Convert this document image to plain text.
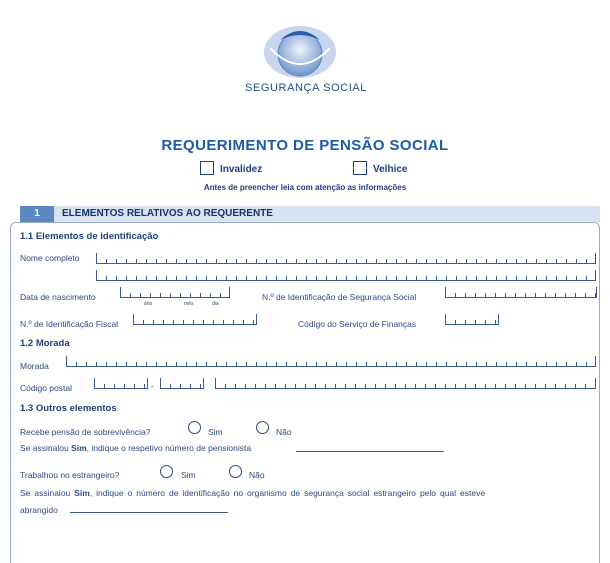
SEGURANÇA SOCIAL
REQUERIMENTO DE PENSÃO SOCIAL
Invalidez	Velhice
Antes de preencher leia com atenção as informações
1	ELEMENTOS RELATIVOS AO REQUERENTE
1.1 Elementos de identificação
Nome completo
Data de nascimento
ano	mês	dia
N.º de Identificação de Segurança Social
N.º de Identificação Fiscal	Código do Serviço de Finanças
1.2 Morada
Morada
Código postal	-
1.3 Outros elementos
Recebe pensão de sobrevivência?	Sim	Não
Se assinalou Sim, indique o respetivo número de pensionista
Trabalhou no estrangeiro?	Sim	Não
Se assinalou Sim, indique o número de identificação no organismo de segurança social estrangeiro pelo qual esteve
abrangido
